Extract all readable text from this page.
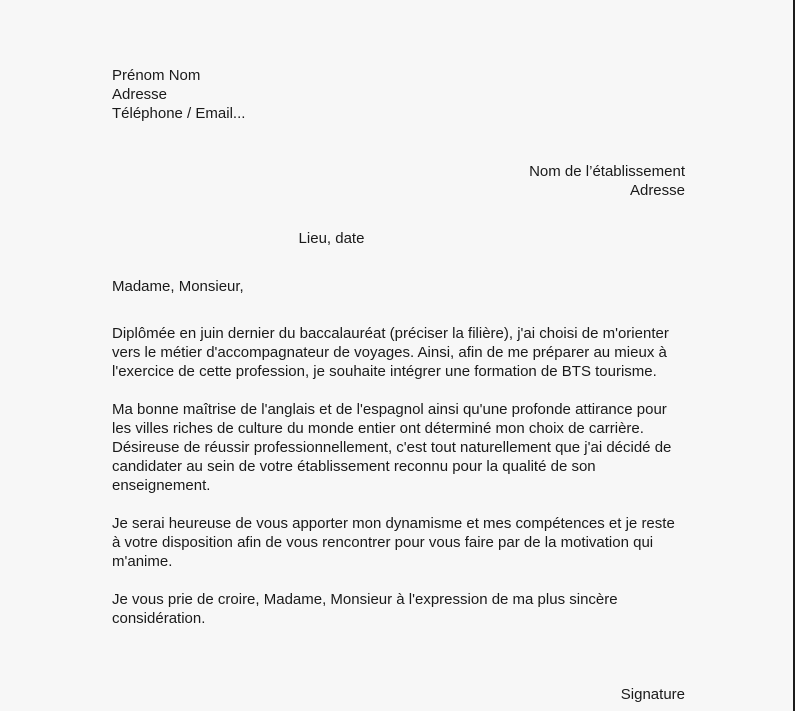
Prénom Nom
Adresse
Téléphone / Email...
Nom de l’établissement
Adresse
Lieu, date
Madame, Monsieur,

Diplômée en juin dernier du baccalauréat (préciser la filière), j'ai choisi de m'orienter vers le métier d'accompagnateur de voyages. Ainsi, afin de me préparer au mieux à l'exercice de cette profession, je souhaite intégrer une formation de BTS tourisme.

Ma bonne maîtrise de l'anglais et de l'espagnol ainsi qu'une profonde attirance pour les villes riches de culture du monde entier ont déterminé mon choix de carrière. Désireuse de réussir professionnellement, c'est tout naturellement que j'ai décidé de candidater au sein de votre établissement reconnu pour la qualité de son enseignement.

Je serai heureuse de vous apporter mon dynamisme et mes compétences et je reste à votre disposition afin de vous rencontrer pour vous faire par de la motivation qui m'anime.

Je vous prie de croire, Madame, Monsieur à l'expression de ma plus sincère considération.

Signature
